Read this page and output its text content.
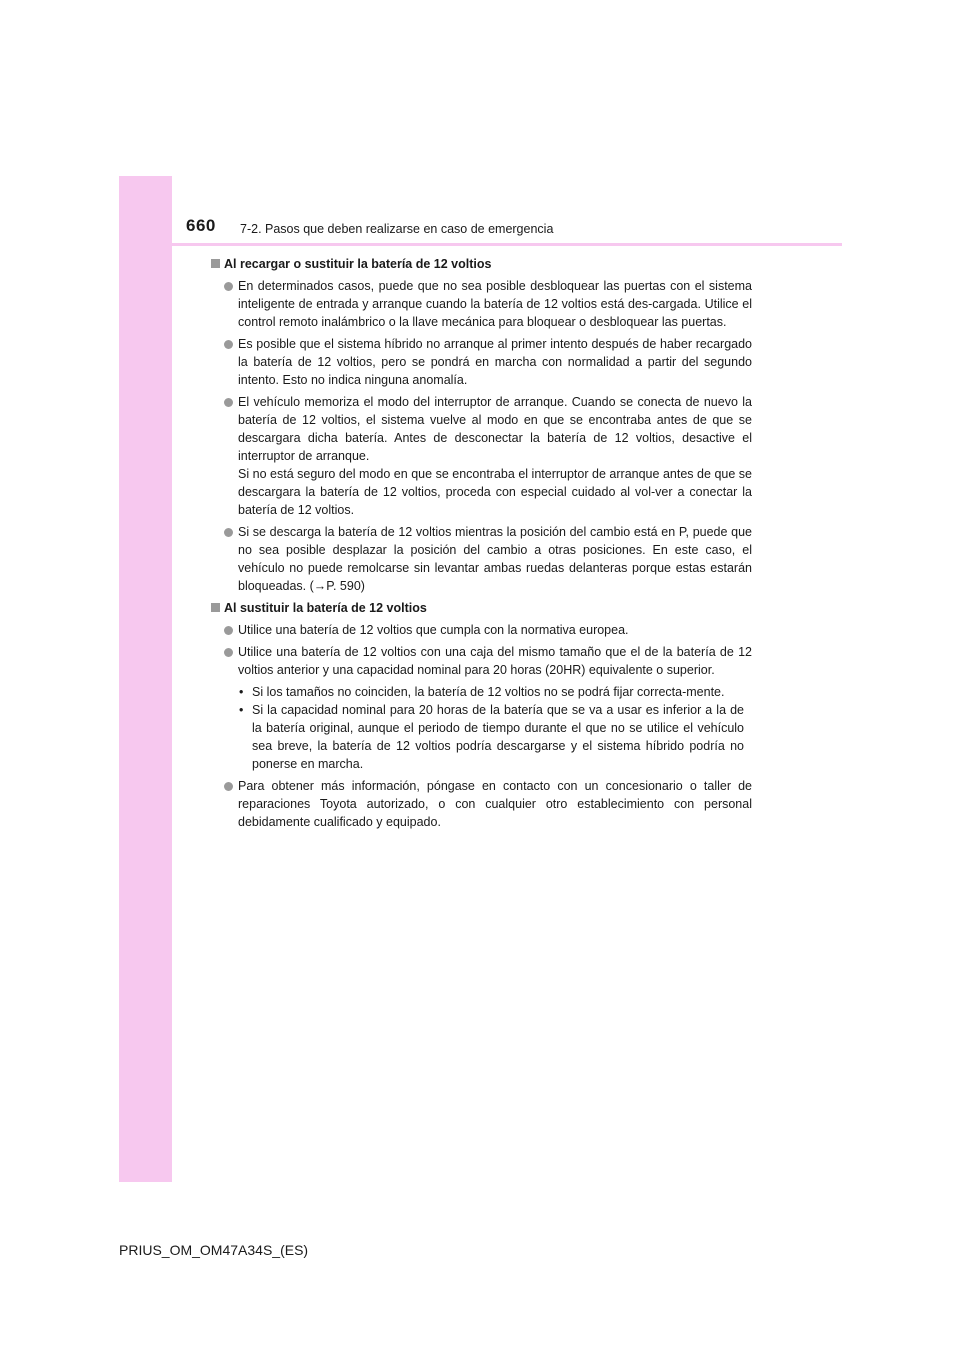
660 7-2. Pasos que deben realizarse en caso de emergencia
Al recargar o sustituir la batería de 12 voltios
En determinados casos, puede que no sea posible desbloquear las puertas con el sistema inteligente de entrada y arranque cuando la batería de 12 voltios está des-cargada. Utilice el control remoto inalámbrico o la llave mecánica para bloquear o desbloquear las puertas.
Es posible que el sistema híbrido no arranque al primer intento después de haber recargado la batería de 12 voltios, pero se pondrá en marcha con normalidad a partir del segundo intento. Esto no indica ninguna anomalía.
El vehículo memoriza el modo del interruptor de arranque. Cuando se conecta de nuevo la batería de 12 voltios, el sistema vuelve al modo en que se encontraba antes de que se descargara dicha batería. Antes de desconectar la batería de 12 voltios, desactive el interruptor de arranque.
Si no está seguro del modo en que se encontraba el interruptor de arranque antes de que se descargara la batería de 12 voltios, proceda con especial cuidado al vol-ver a conectar la batería de 12 voltios.
Si se descarga la batería de 12 voltios mientras la posición del cambio está en P, puede que no sea posible desplazar la posición del cambio a otras posiciones. En este caso, el vehículo no puede remolcarse sin levantar ambas ruedas delanteras porque estas estarán bloqueadas. (→P. 590)
Al sustituir la batería de 12 voltios
Utilice una batería de 12 voltios que cumpla con la normativa europea.
Utilice una batería de 12 voltios con una caja del mismo tamaño que el de la batería de 12 voltios anterior y una capacidad nominal para 20 horas (20HR) equivalente o superior.
• Si los tamaños no coinciden, la batería de 12 voltios no se podrá fijar correcta-mente.
• Si la capacidad nominal para 20 horas de la batería que se va a usar es inferior a la de la batería original, aunque el periodo de tiempo durante el que no se utilice el vehículo sea breve, la batería de 12 voltios podría descargarse y el sistema híbrido podría no ponerse en marcha.
Para obtener más información, póngase en contacto con un concesionario o taller de reparaciones Toyota autorizado, o con cualquier otro establecimiento con personal debidamente cualificado y equipado.
PRIUS_OM_OM47A34S_(ES)
